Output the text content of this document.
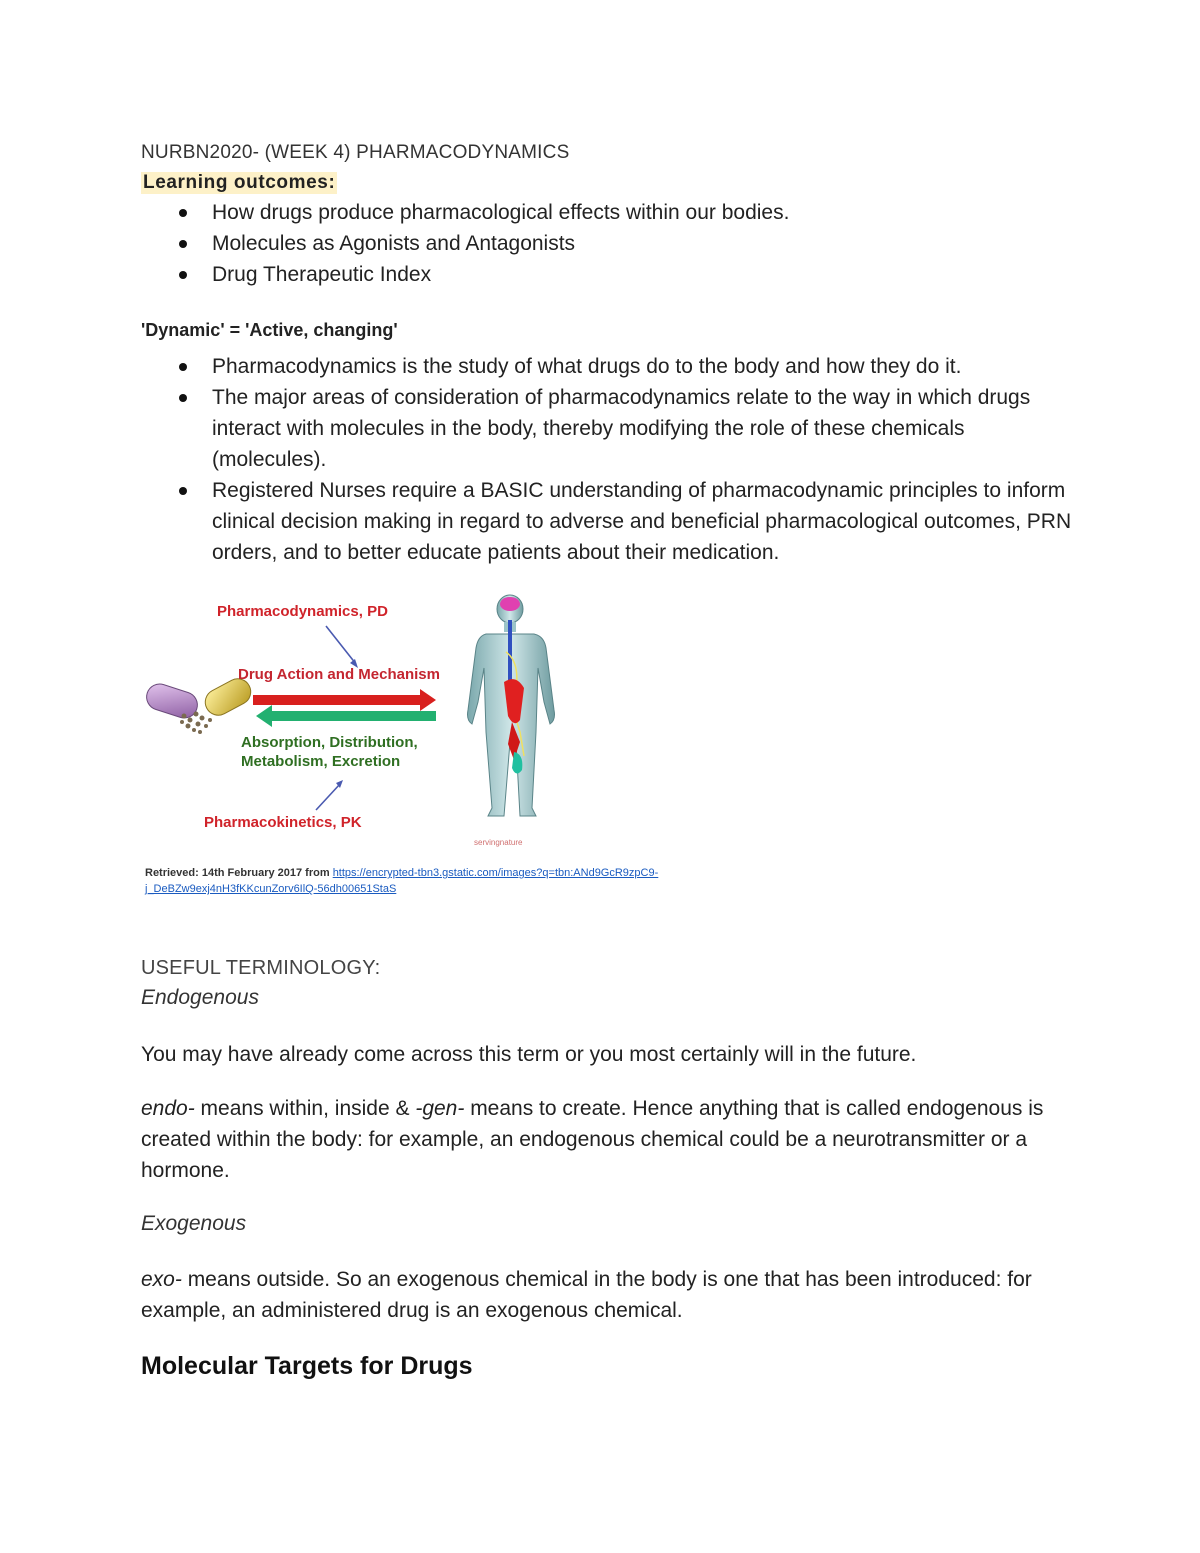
NURBN2020- (WEEK 4) PHARMACODYNAMICS
Learning outcomes:
How drugs produce pharmacological effects within our bodies.
Molecules as Agonists and Antagonists
Drug Therapeutic Index
'Dynamic' = 'Active, changing'
Pharmacodynamics is the study of what drugs do to the body and how they do it.
The major areas of consideration of pharmacodynamics relate to the way in which drugs interact with molecules in the body, thereby modifying the role of these chemicals (molecules).
Registered Nurses require a BASIC understanding of pharmacodynamic principles to inform clinical decision making in regard to adverse and beneficial pharmacological outcomes, PRN orders, and to better educate patients about their medication.
Pharmacodynamics, PD
Drug Action and Mechanism
Absorption, Distribution,
Metabolism, Excretion
Pharmacokinetics, PK
servingnature
Retrieved: 14th February 2017 from https://encrypted-tbn3.gstatic.com/images?q=tbn:ANd9GcR9zpC9-j_DeBZw9exj4nH3fKKcunZorv6IlQ-56dh00651StaS
USEFUL TERMINOLOGY:
Endogenous

You may have already come across this term or you most certainly will in the future.

endo- means within, inside & -gen- means to create. Hence anything that is called endogenous is created within the body: for example, an endogenous chemical could be a neurotransmitter or a hormone.

Exogenous

exo- means outside. So an exogenous chemical in the body is one that has been introduced: for example, an administered drug is an exogenous chemical.

Molecular Targets for Drugs
